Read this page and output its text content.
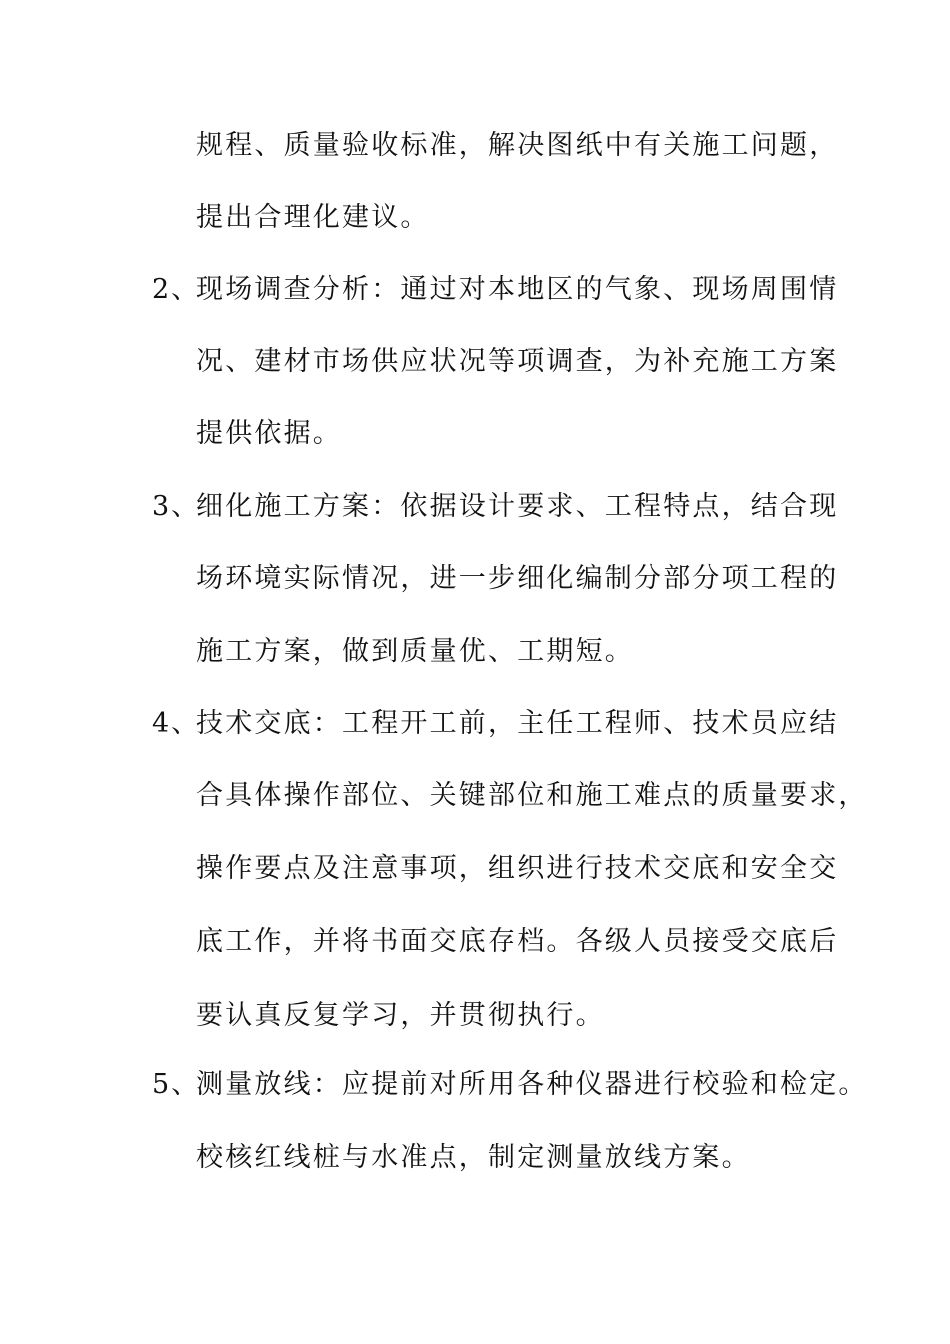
规程、质量验收标准，解决图纸中有关施工问题，
提出合理化建议。
2、
现场调查分析：通过对本地区的气象、现场周围情
况、建材市场供应状况等项调查，为补充施工方案
提供依据。
3、
细化施工方案：依据设计要求、工程特点，结合现
场环境实际情况，进一步细化编制分部分项工程的
施工方案，做到质量优、工期短。
4、
技术交底：工程开工前，主任工程师、技术员应结
合具体操作部位、关键部位和施工难点的质量要求，
操作要点及注意事项，组织进行技术交底和安全交
底工作，并将书面交底存档。各级人员接受交底后
要认真反复学习，并贯彻执行。
5、
测量放线：应提前对所用各种仪器进行校验和检定。
校核红线桩与水准点，制定测量放线方案。
